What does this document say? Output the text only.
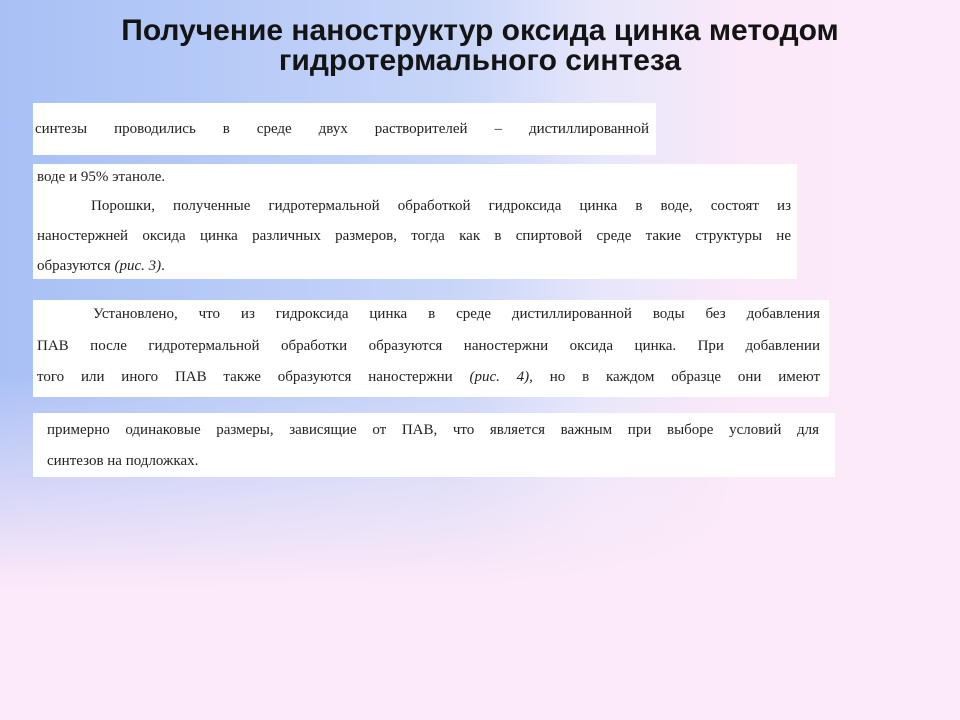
Получение наноструктур оксида цинка методом
гидротермального синтеза
синтезы проводились в среде двух растворителей – дистиллированной
воде и 95% этаноле.
Порошки, полученные гидротермальной обработкой гидроксида цинка в воде, состоят из
наностержней оксида цинка различных размеров, тогда как в спиртовой среде такие структуры не
образуются (рис. 3).
Установлено, что из гидроксида цинка в среде дистиллированной воды без добавления
ПАВ после гидротермальной обработки образуются наностержни оксида цинка. При добавлении
того или иного ПАВ также образуются наностержни (рис. 4), но в каждом образце они имеют
примерно одинаковые размеры, зависящие от ПАВ, что является важным при выборе условий для
синтезов на подложках.
